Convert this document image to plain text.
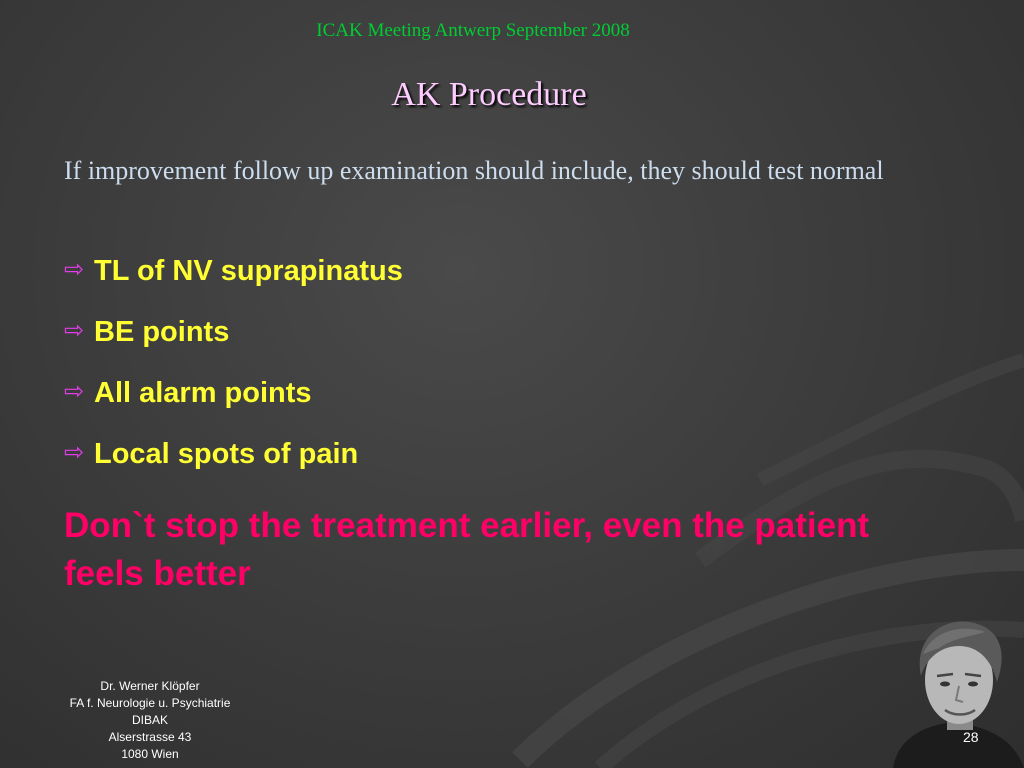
ICAK Meeting Antwerp September 2008
AK Procedure
If improvement follow up examination should include, they should test normal
⇨ TL of NV suprapinatus
⇨ BE points
⇨ All alarm points
⇨ Local spots of pain
Don`t stop the treatment earlier, even the patient feels better
Dr. Werner Klöpfer
FA f. Neurologie u. Psychiatrie
DIBAK
Alserstrasse 43
1080 Wien
28
